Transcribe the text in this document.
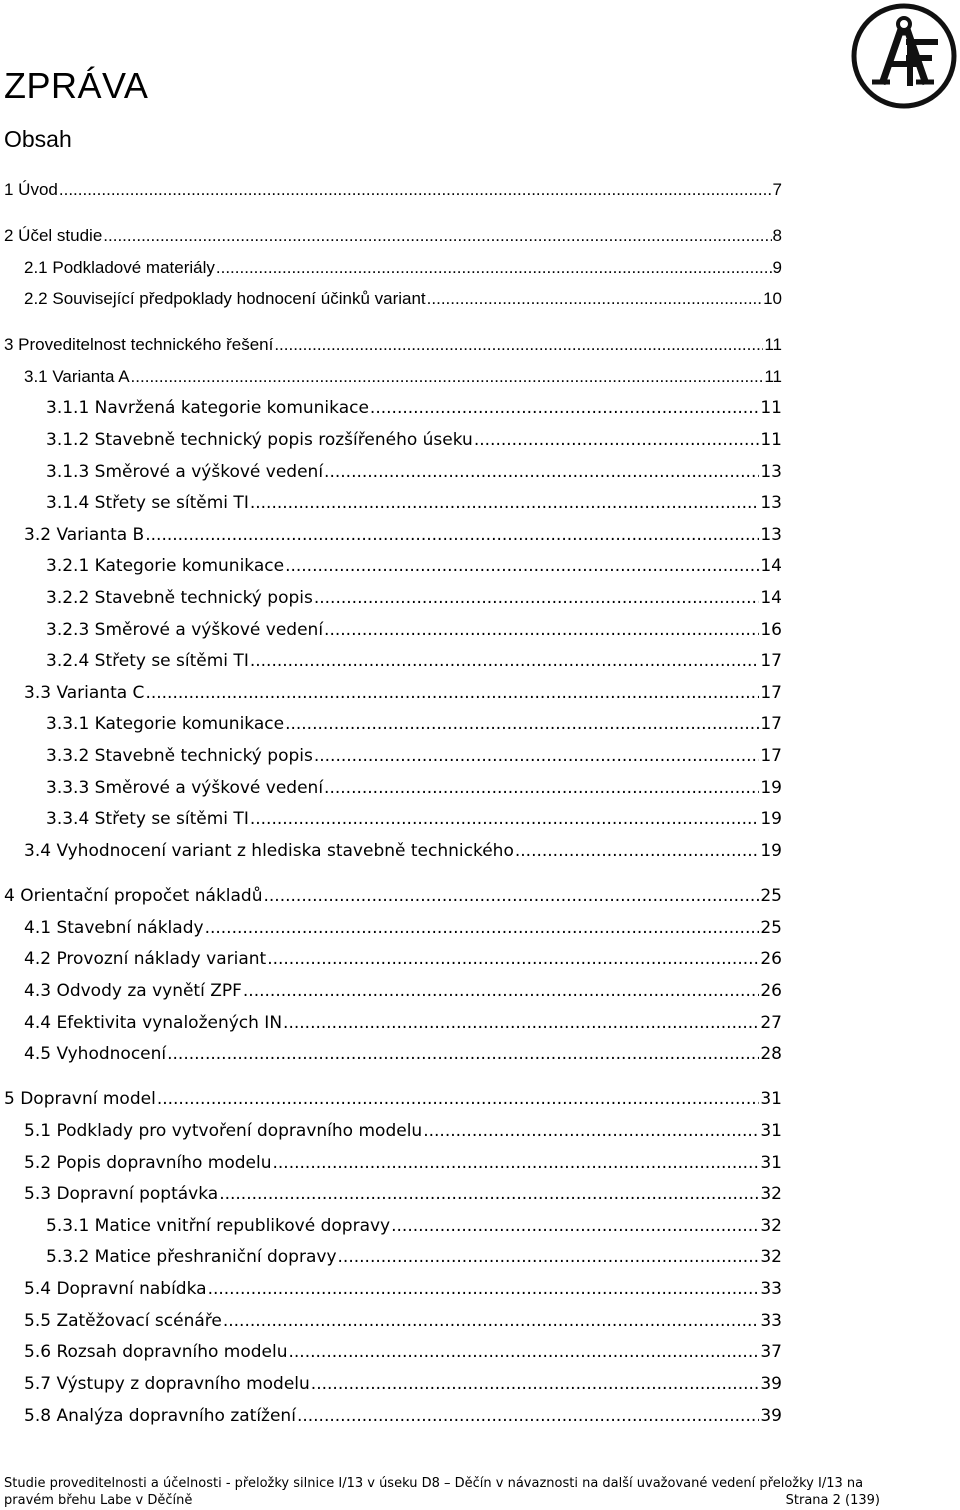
ZPRÁVA
Obsah
1 Úvod .....	7
2 Účel studie .....	8
2.1 Podkladové materiály .....	9
2.2 Související předpoklady hodnocení účinků variant .....	10
3 Proveditelnost technického řešení .....	11
3.1 Varianta A .....	11
3.1.1 Navržená kategorie komunikace .....	11
3.1.2 Stavebně technický popis rozšířeného úseku .....	11
3.1.3 Směrové a výškové vedení .....	13
3.1.4 Střety se sítěmi TI .....	13
3.2 Varianta B .....	13
3.2.1 Kategorie komunikace .....	14
3.2.2 Stavebně technický popis .....	14
3.2.3 Směrové a výškové vedení .....	16
3.2.4 Střety se sítěmi TI .....	17
3.3 Varianta C .....	17
3.3.1 Kategorie komunikace .....	17
3.3.2 Stavebně technický popis .....	17
3.3.3 Směrové a výškové vedení .....	19
3.3.4 Střety se sítěmi TI .....	19
3.4 Vyhodnocení variant z hlediska stavebně technického .....	19
4 Orientační propočet nákladů .....	25
4.1 Stavební náklady .....	25
4.2 Provozní náklady variant .....	26
4.3 Odvody za vynětí ZPF .....	26
4.4 Efektivita vynaložených IN .....	27
4.5 Vyhodnocení .....	28
5 Dopravní model .....	31
5.1 Podklady pro vytvoření dopravního modelu .....	31
5.2 Popis dopravního modelu .....	31
5.3 Dopravní poptávka .....	32
5.3.1 Matice vnitřní republikové dopravy .....	32
5.3.2 Matice přeshraniční dopravy .....	32
5.4 Dopravní nabídka .....	33
5.5 Zatěžovací scénáře .....	33
5.6 Rozsah dopravního modelu .....	37
5.7 Výstupy z dopravního modelu .....	39
5.8 Analýza dopravního zatížení .....	39
Studie proveditelnosti a účelnosti - přeložky silnice I/13 v úseku D8 – Děčín v návaznosti na další uvažované vedení přeložky I/13 na
pravém břehu Labe v Děčíně	Strana 2 (139)
